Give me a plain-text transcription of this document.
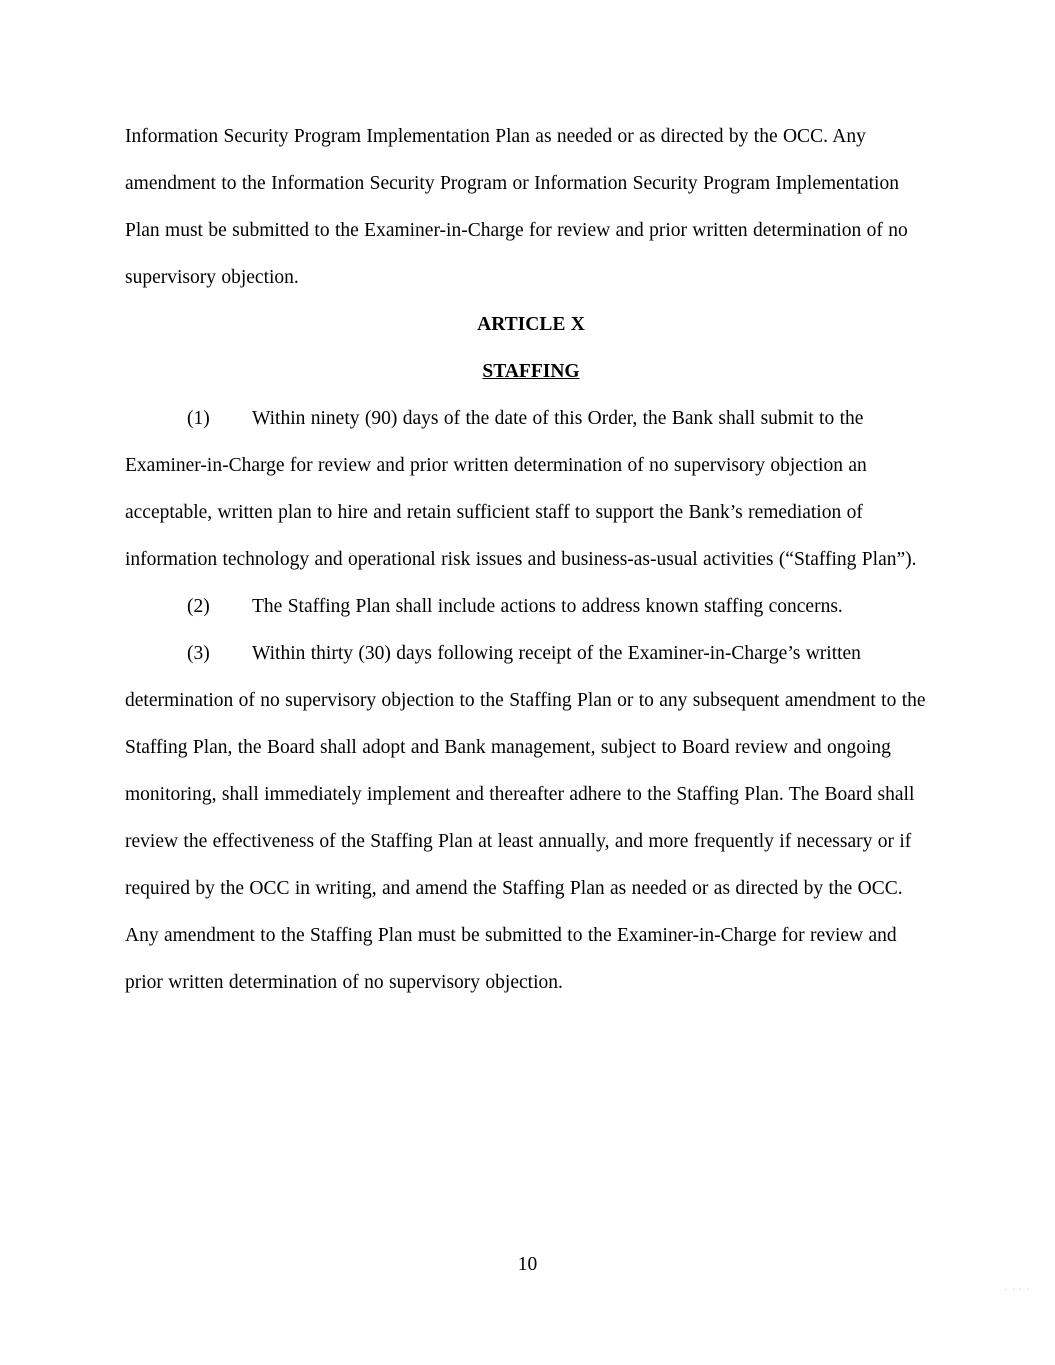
Information Security Program Implementation Plan as needed or as directed by the OCC. Any amendment to the Information Security Program or Information Security Program Implementation Plan must be submitted to the Examiner-in-Charge for review and prior written determination of no supervisory objection.

ARTICLE X

STAFFING

(1) Within ninety (90) days of the date of this Order, the Bank shall submit to the Examiner-in-Charge for review and prior written determination of no supervisory objection an acceptable, written plan to hire and retain sufficient staff to support the Bank’s remediation of information technology and operational risk issues and business-as-usual activities (“Staffing Plan”).

(2) The Staffing Plan shall include actions to address known staffing concerns.

(3) Within thirty (30) days following receipt of the Examiner-in-Charge’s written determination of no supervisory objection to the Staffing Plan or to any subsequent amendment to the Staffing Plan, the Board shall adopt and Bank management, subject to Board review and ongoing monitoring, shall immediately implement and thereafter adhere to the Staffing Plan. The Board shall review the effectiveness of the Staffing Plan at least annually, and more frequently if necessary or if required by the OCC in writing, and amend the Staffing Plan as needed or as directed by the OCC. Any amendment to the Staffing Plan must be submitted to the Examiner-in-Charge for review and prior written determination of no supervisory objection.

10
····
